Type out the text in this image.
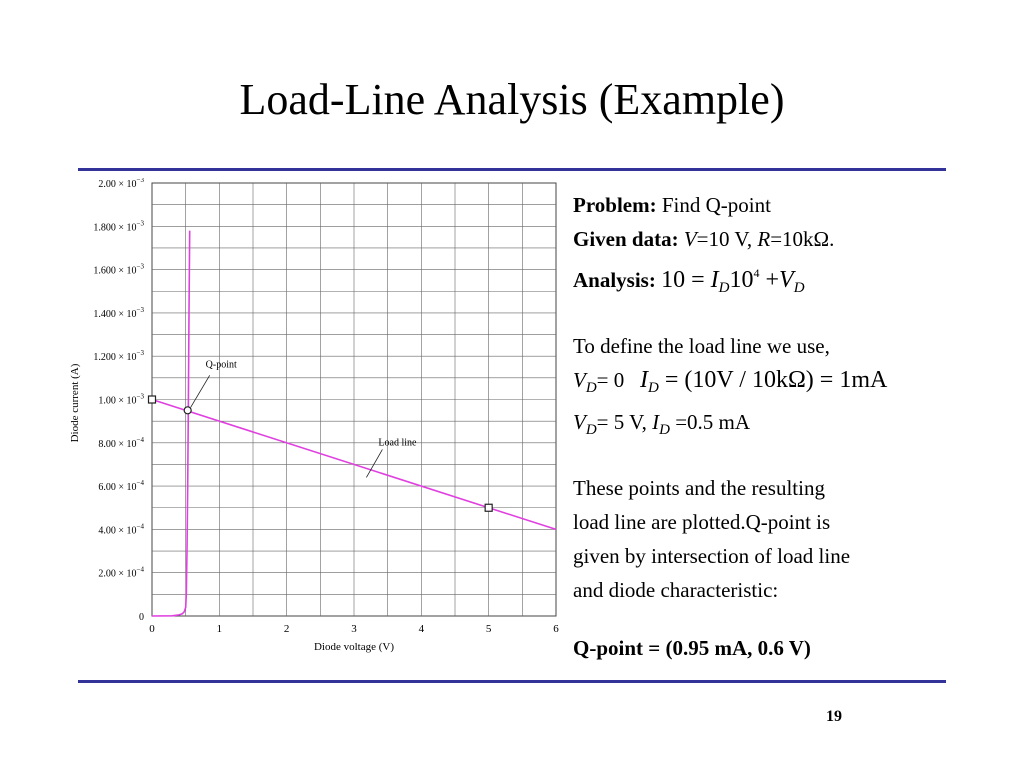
Load-Line Analysis (Example)
0
$2.00 \times 10^{-4}$
$4.00 \times 10^{-4}$
$6.00 \times 10^{-4}$
$8.00 \times 10^{-4}$
$1.00 \times 10^{-3}$
$1.200 \times 10^{-3}$
$1.400 \times 10^{-3}$
$1.600 \times 10^{-3}$
$1.800 \times 10^{-3}$
$2.00 \times 10^{-3}$
0	1	2	3	4	5	6
Diode current (A)
Diode voltage (V)
Q-point
Load line
Problem: Find Q-point
Given data: V=10 V, R=10kΩ.
Analysis: $10 = I_D10^4 +V_D$
To define the load line we use,
$V_D= 0$ $I_D = (10V / 10k\Omega) = 1mA$
$V_D= 5$ V, $I_D =0.5$ mA
These points and the resulting
load line are plotted.Q-point is
given by intersection of load line
and diode characteristic:
Q-point = (0.95 mA, 0.6 V)
19
